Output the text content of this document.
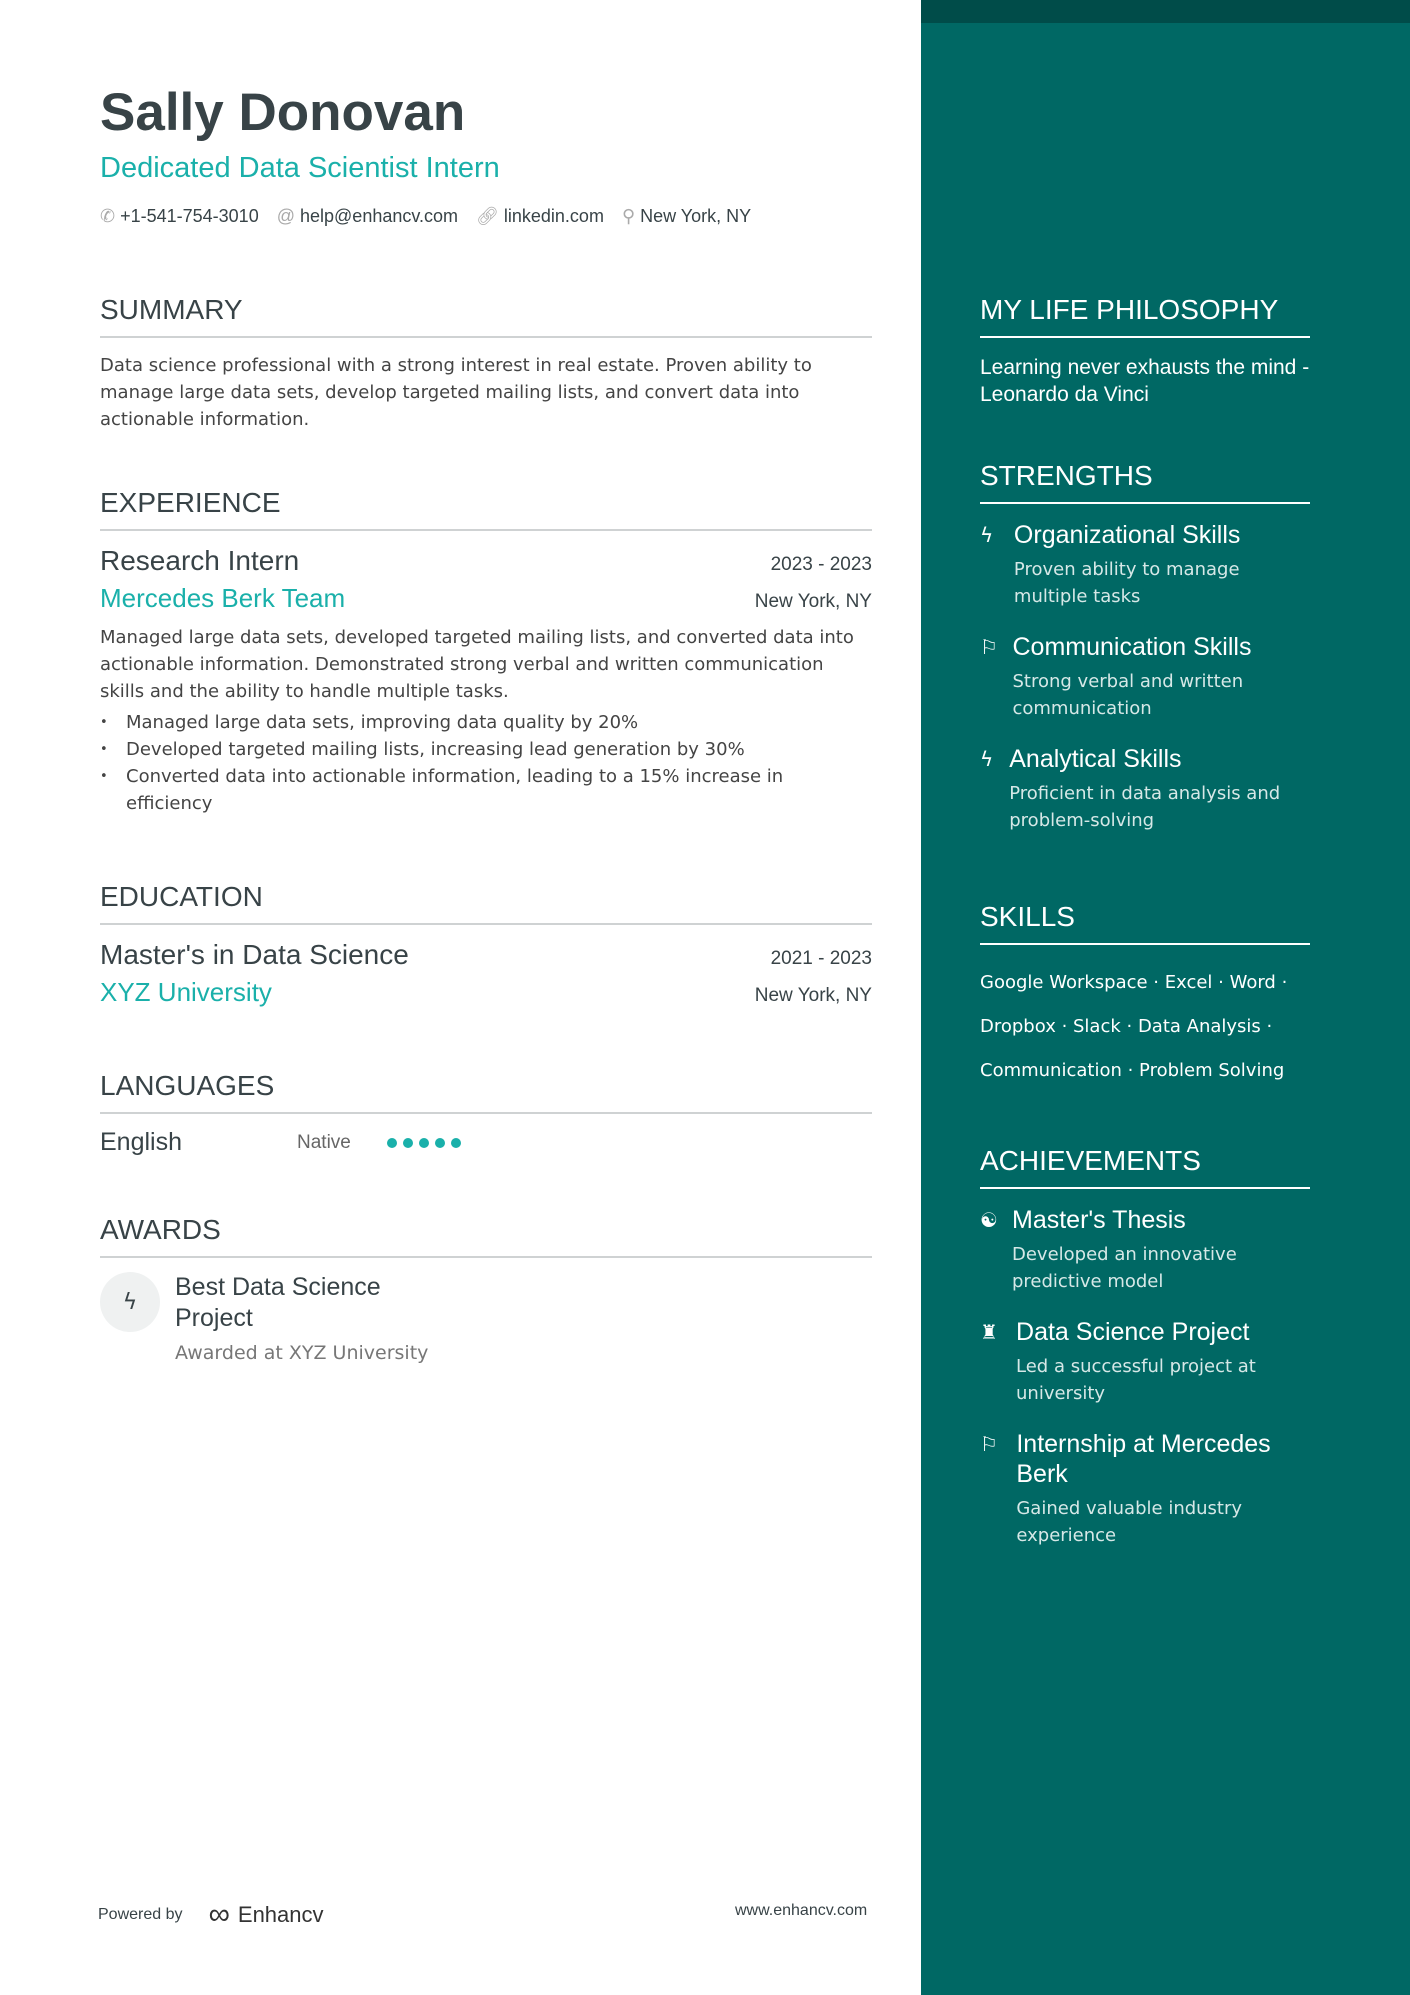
Sally Donovan
Dedicated Data Scientist Intern
✆ +1-541-754-3010 @ help@enhancv.com 🔗︎ linkedin.com ⚲ New York, NY
SUMMARY

Data science professional with a strong interest in real estate. Proven ability to manage large data sets, develop targeted mailing lists, and convert data into actionable information.

EXPERIENCE
Research Intern	2023 - 2023
Mercedes Berk Team	New York, NY

Managed large data sets, developed targeted mailing lists, and converted data into actionable information. Demonstrated strong verbal and written communication skills and the ability to handle multiple tasks.

• Managed large data sets, improving data quality by 20%
• Developed targeted mailing lists, increasing lead generation by 30%
• Converted data into actionable information, leading to a 15% increase in efficiency
EDUCATION
Master's in Data Science	2021 - 2023
XYZ University	New York, NY
LANGUAGES
English	Native
AWARDS
ϟ
Best Data Science Project
Awarded at XYZ University
MY LIFE PHILOSOPHY

Learning never exhausts the mind - Leonardo da Vinci

STRENGTHS
ϟ Organizational Skills
Proven ability to manage multiple tasks
⚐ Communication Skills
Strong verbal and written communication
ϟ Analytical Skills
Proficient in data analysis and problem-solving
SKILLS
Google Workspace · Excel · Word ·
Dropbox · Slack · Data Analysis ·
Communication · Problem Solving
ACHIEVEMENTS
☯ Master's Thesis
Developed an innovative predictive model
♜ Data Science Project
Led a successful project at university
⚐ Internship at Mercedes Berk
Gained valuable industry experience
Powered by ∞ Enhancv	www.enhancv.com
